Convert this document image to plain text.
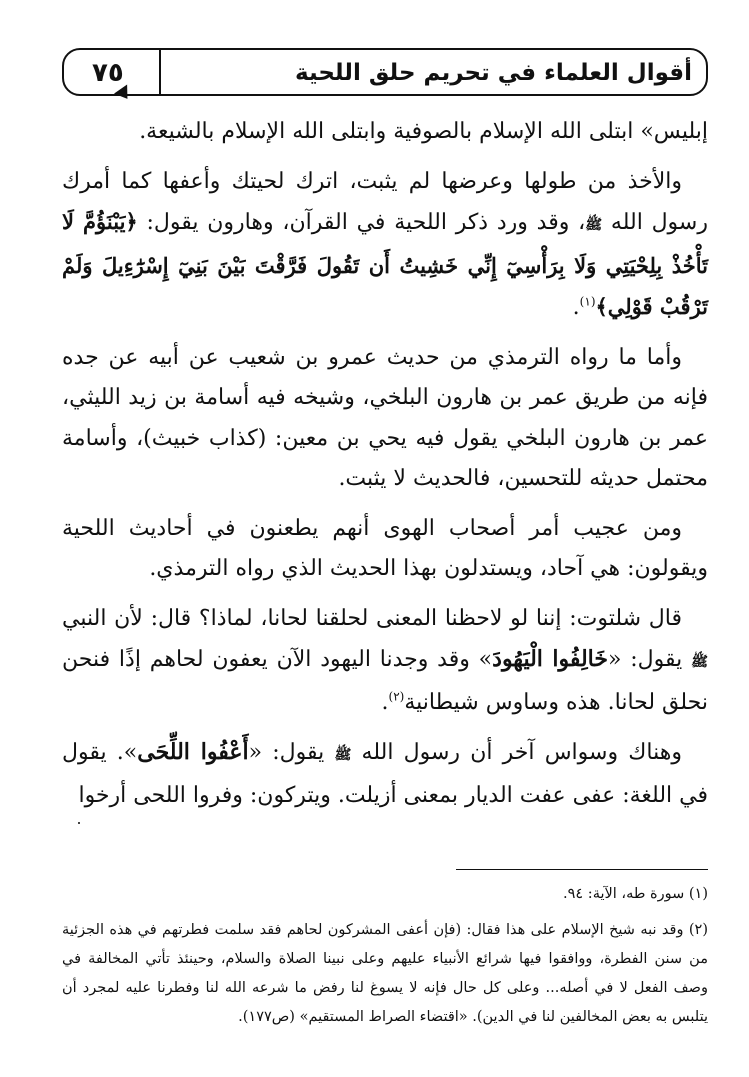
أقوال العلماء في تحريم حلق اللحية
٧٥

إبليس» ابتلى الله الإسلام بالصوفية وابتلى الله الإسلام بالشيعة.

والأخذ من طولها وعرضها لم يثبت، اترك لحيتك وأعفها كما أمرك رسول الله ﷺ، وقد ورد ذكر اللحية في القرآن، وهارون يقول: ﴿يَبْنَؤُمَّ لَا تَأْخُذْ بِلِحْيَتِي وَلَا بِرَأْسِيٓ إِنِّي خَشِيتُ أَن تَقُولَ فَرَّقْتَ بَيْنَ بَنِيٓ إِسْرَٰٓءِيلَ وَلَمْ تَرْقُبْ قَوْلِي﴾$^{(١)}$.

وأما ما رواه الترمذي من حديث عمرو بن شعيب عن أبيه عن جده فإنه من طريق عمر بن هارون البلخي، وشيخه فيه أسامة بن زيد الليثي، عمر بن هارون البلخي يقول فيه يحي بن معين: (كذاب خبيث)، وأسامة محتمل حديثه للتحسين، فالحديث لا يثبت.

ومن عجيب أمر أصحاب الهوى أنهم يطعنون في أحاديث اللحية ويقولون: هي آحاد، ويستدلون بهذا الحديث الذي رواه الترمذي.

قال شلتوت: إننا لو لاحظنا المعنى لحلقنا لحانا، لماذا؟ قال: لأن النبي ﷺ يقول: «خَالِفُوا الْيَهُودَ» وقد وجدنا اليهود الآن يعفون لحاهم إذًا فنحن نحلق لحانا. هذه وساوس شيطانية$^{(٢)}$.

وهناك وسواس آخر أن رسول الله ﷺ يقول: «أَعْفُوا اللِّحَى». يقول في اللغة: عفى عفت الديار بمعنى أزيلت. ويتركون: وفروا اللحى أرخوا

(١) سورة طه، الآية: ٩٤.

(٢) وقد نبه شيخ الإسلام على هذا فقال: (فإن أعفى المشركون لحاهم فقد سلمت فطرتهم في هذه الجزئية من سنن الفطرة، ووافقوا فيها شرائع الأنبياء عليهم وعلى نبينا الصلاة والسلام، وحينئذ تأتي المخالفة في وصف الفعل لا في أصله... وعلى كل حال فإنه لا يسوغ لنا رفض ما شرعه الله لنا وفطرنا عليه لمجرد أن يتلبس به بعض المخالفين لنا في الدين). «اقتضاء الصراط المستقيم» (ص١٧٧).
